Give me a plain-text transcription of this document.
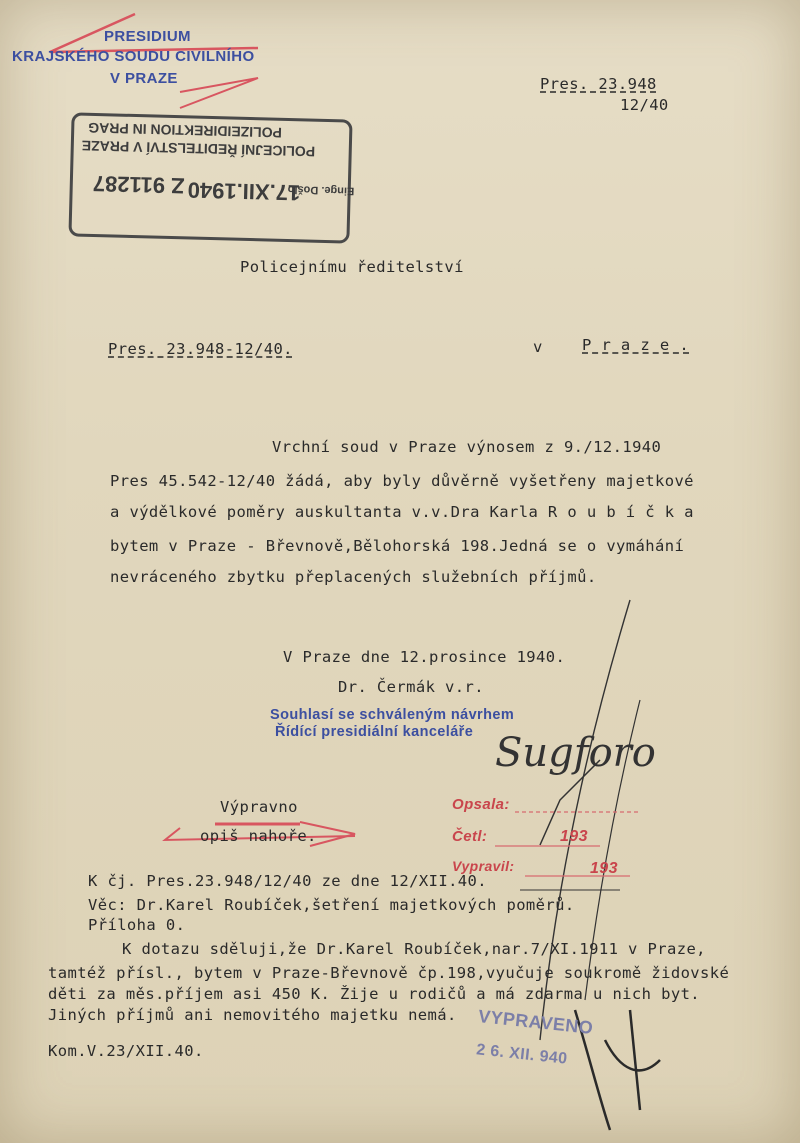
PRESIDIUM
KRAJSKÉHO SOUDU CIVILNÍHO
V PRAZE
POLIZEIDIREKTION IN PRAG
POLICEJNÍ ŘEDITELSTVÍ V PRAZE
Einge. Došlo
17.XII.1940
Z 911287
Pres. 23.948
12/40
Policejnímu ředitelství
Pres. 23.948-12/40.	v	P r a z e .
Vrchní soud v Praze výnosem z 9./12.1940
Pres 45.542-12/40 žádá, aby byly důvěrně vyšetřeny majetkové
a výdělkové poměry auskultanta v.v.Dra Karla R o u b í č k a
bytem v Praze - Břevnově,Bělohorská 198.Jedná se o vymáhání
nevráceného zbytku přeplacených služebních příjmů.
V Praze dne 12.prosince 1940.
Dr. Čermák v.r.
Souhlasí se schváleným návrhem
Řídící presidiální kanceláře Sugforo
Výpravno
opiš nahoře.
Opsala:
Četl:
Vypravil:
193
193
K čj. Pres.23.948/12/40 ze dne 12/XII.40.
Věc: Dr.Karel Roubíček,šetření majetkových poměrů.
Příloha 0.
K dotazu sděluji,že Dr.Karel Roubíček,nar.7/XI.1911 v Praze,
tamtéž přísl., bytem v Praze-Břevnově čp.198,vyučuje soukromě židovské
děti za měs.příjem asi 450 K. Žije u rodičů a má zdarma u nich byt.
Jiných příjmů ani nemovitého majetku nemá.
Kom.V.23/XII.40.
VYPRAVENO
2 6. XII. 940
